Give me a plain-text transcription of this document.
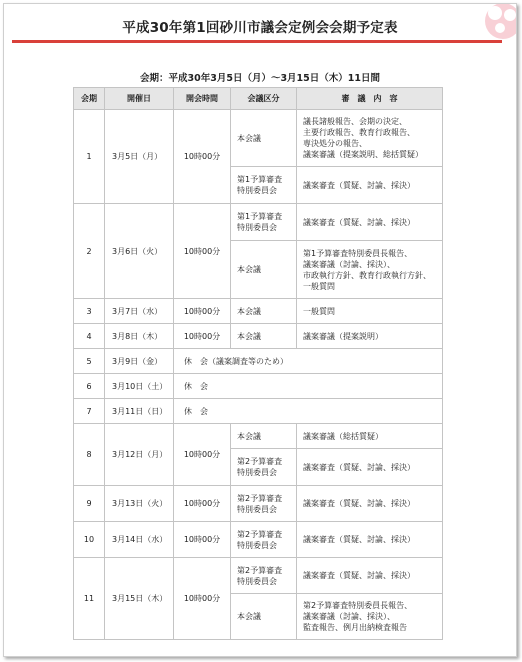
平成30年第1回砂川市議会定例会会期予定表
会期：平成30年3月5日（月）～3月15日（木）11日間
会期	開催日	開会時間	会議区分	審　議　内　容
1	3月5日（月）	10時00分	本会議	議長諸般報告、会期の決定、
主要行政報告、教育行政報告、
専決処分の報告、
議案審議（提案説明、総括質疑）
			第1予算審査
特別委員会	議案審査（質疑、討論、採決）
2	3月6日（火）	10時00分	第1予算審査
特別委員会	議案審査（質疑、討論、採決）
			本会議	第1予算審査特別委員長報告、
議案審議（討論、採決）、
市政執行方針、教育行政執行方針、
一般質問
3	3月7日（水）	10時00分	本会議	一般質問
4	3月8日（木）	10時00分	本会議	議案審議（提案説明）
5	3月9日（金）	休　会（議案調査等のため）		
6	3月10日（土）	休　会		
7	3月11日（日）	休　会		
8	3月12日（月）	10時00分	本会議	議案審議（総括質疑）
			第2予算審査
特別委員会	議案審査（質疑、討論、採決）
9	3月13日（火）	10時00分	第2予算審査
特別委員会	議案審査（質疑、討論、採決）
10	3月14日（水）	10時00分	第2予算審査
特別委員会	議案審査（質疑、討論、採決）
11	3月15日（木）	10時00分	第2予算審査
特別委員会	議案審査（質疑、討論、採決）
			本会議	第2予算審査特別委員長報告、
議案審議（討論、採決）、
監査報告、例月出納検査報告
